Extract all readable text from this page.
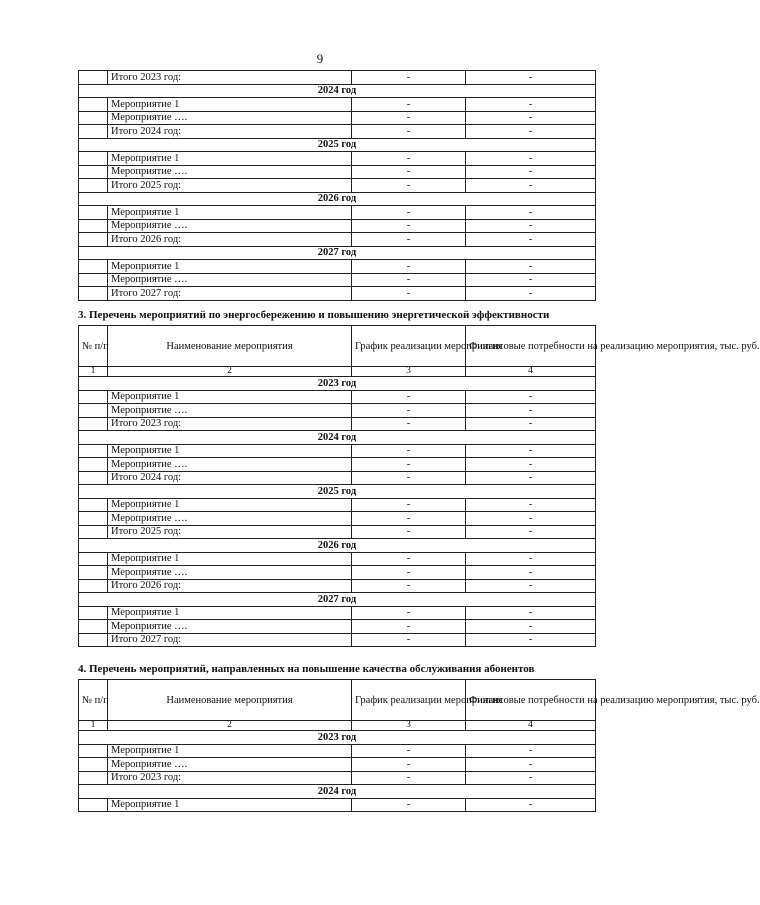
9
	Итого 2023 год:	-	-
2024 год			
	Мероприятие 1	-	-
	Мероприятие ….	-	-
	Итого 2024 год:	-	-
2025 год			
	Мероприятие 1	-	-
	Мероприятие ….	-	-
	Итого 2025 год:	-	-
2026 год			
	Мероприятие 1	-	-
	Мероприятие ….	-	-
	Итого 2026 год:	-	-
2027 год			
	Мероприятие 1	-	-
	Мероприятие ….	-	-
	Итого 2027 год:	-	-
3. Перечень мероприятий по энергосбережению и повышению энергетической эффективности
№ п/п	Наименование мероприятия	График реализации мероприятия	Финансовые потребности на реализацию мероприятия, тыс. руб.
1	2	3	4
2023 год			
	Мероприятие 1	-	-
	Мероприятие ….	-	-
	Итого 2023 год:	-	-
2024 год			
	Мероприятие 1	-	-
	Мероприятие ….	-	-
	Итого 2024 год:	-	-
2025 год			
	Мероприятие 1	-	-
	Мероприятие ….	-	-
	Итого 2025 год:	-	-
2026 год			
	Мероприятие 1	-	-
	Мероприятие ….	-	-
	Итого 2026 год:	-	-
2027 год			
	Мероприятие 1	-	-
	Мероприятие ….	-	-
	Итого 2027 год:	-	-
4. Перечень мероприятий, направленных на повышение качества обслуживания абонентов
№ п/п	Наименование мероприятия	График реализации мероприятия	Финансовые потребности на реализацию мероприятия, тыс. руб.
1	2	3	4
2023 год			
	Мероприятие 1	-	-
	Мероприятие ….	-	-
	Итого 2023 год:	-	-
2024 год			
	Мероприятие 1	-	-
